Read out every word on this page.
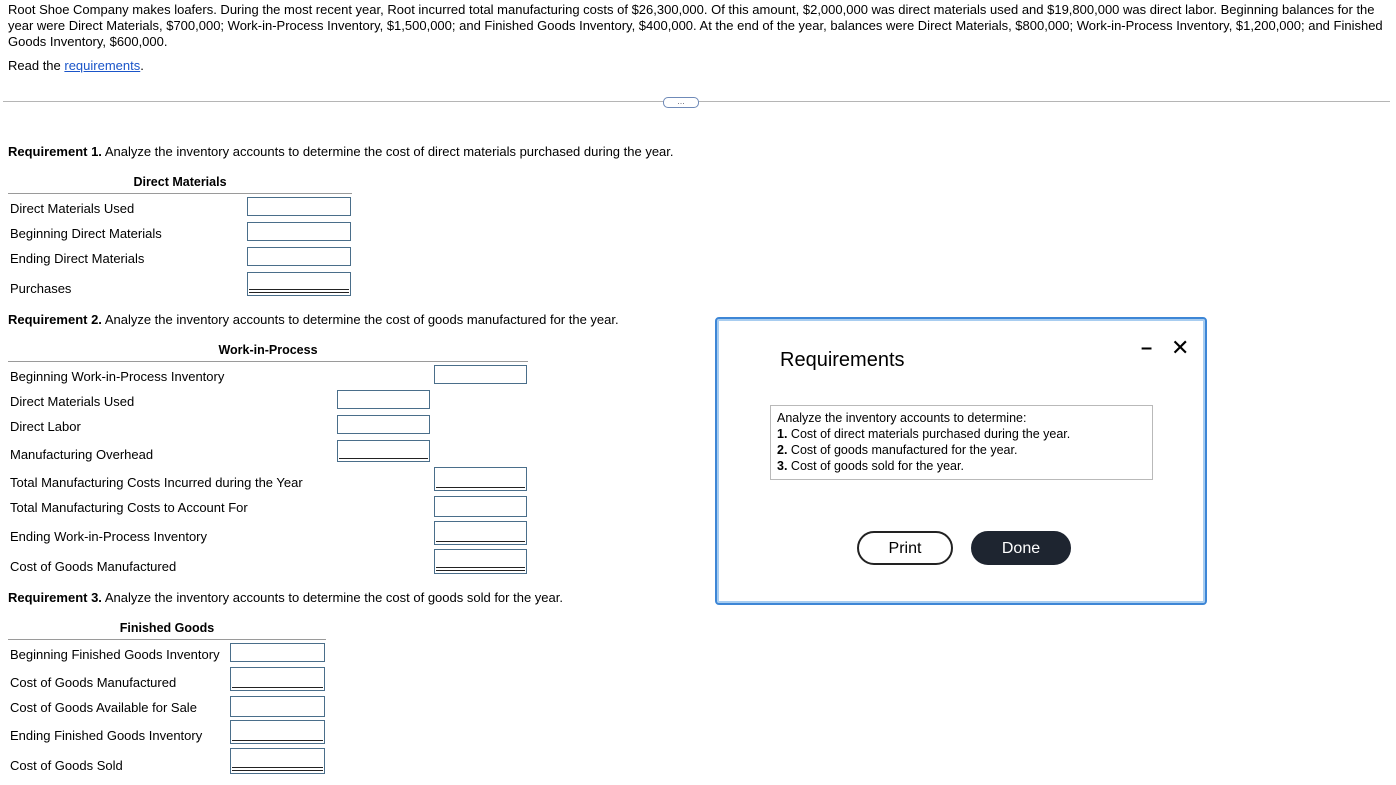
Root Shoe Company makes loafers. During the most recent year, Root incurred total manufacturing costs of $26,300,000. Of this amount, $2,000,000 was direct materials used and $19,800,000 was direct labor. Beginning balances for the year were Direct Materials, $700,000; Work-in-Process Inventory, $1,500,000; and Finished Goods Inventory, $400,000. At the end of the year, balances were Direct Materials, $800,000; Work-in-Process Inventory, $1,200,000; and Finished Goods Inventory, $600,000.
Read the requirements.
…
Requirement 1. Analyze the inventory accounts to determine the cost of direct materials purchased during the year.
Direct Materials
Direct Materials Used
Beginning Direct Materials
Ending Direct Materials
Purchases
Requirement 2. Analyze the inventory accounts to determine the cost of goods manufactured for the year.
Work-in-Process
Beginning Work-in-Process Inventory
Direct Materials Used
Direct Labor
Manufacturing Overhead
Total Manufacturing Costs Incurred during the Year
Total Manufacturing Costs to Account For
Ending Work-in-Process Inventory
Cost of Goods Manufactured
Requirement 3. Analyze the inventory accounts to determine the cost of goods sold for the year.
Finished Goods
Beginning Finished Goods Inventory
Cost of Goods Manufactured
Cost of Goods Available for Sale
Ending Finished Goods Inventory
Cost of Goods Sold
Requirements
– ✕
Analyze the inventory accounts to determine:
1. Cost of direct materials purchased during the year.
2. Cost of goods manufactured for the year.
3. Cost of goods sold for the year.
Print	Done
